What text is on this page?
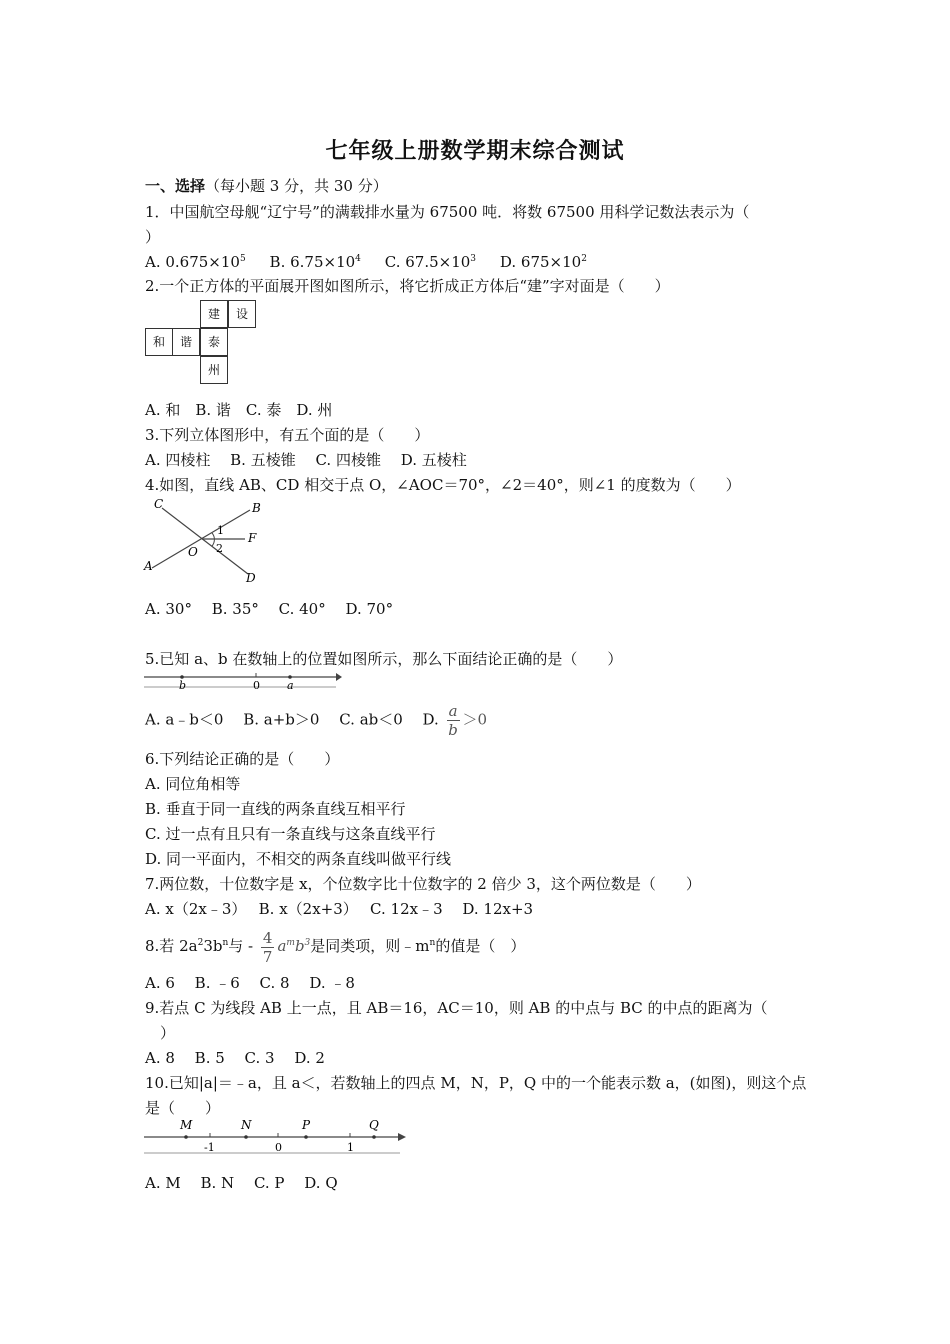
七年级上册数学期末综合测试
一、选择（每小题 3 分，共 30 分）
1．中国航空母舰“辽宁号”的满载排水量为 67500 吨．将数 67500 用科学记数法表示为（
）
A. $0.675\times 10^5$ B. $6.75\times 10^4$ C. $67.5\times 10^3$ D. $675\times 10^2$
2.一个正方体的平面展开图如图所示，将它折成正方体后“建”字对面是（　　）
建	设
和	谐	泰
州
A. 和　B. 谐　C. 泰　D. 州
3.下列立体图形中，有五个面的是（　　）
A. 四棱柱　 B. 五棱锥　 C. 四棱锥　 D. 五棱柱
4.如图，直线 AB、CD 相交于点 O，∠AOC＝70°，∠2＝40°，则∠1 的度数为（　　）
A
B
C
D
O
F
1
2
A. 30°　 B. 35°　 C. 40°　 D. 70°
5.已知 a、b 在数轴上的位置如图所示，那么下面结论正确的是（　　）
b	0 a
A. a﹣b＜0　 B. a+b＞0　 C. ab＜0　 D. $\frac{a}{b} >0$
6.下列结论正确的是（　　）
A. 同位角相等
B. 垂直于同一直线的两条直线互相平行
C. 过一点有且只有一条直线与这条直线平行
D. 同一平面内，不相交的两条直线叫做平行线
7.两位数，十位数字是 x，个位数字比十位数字的 2 倍少 3，这个两位数是（　　）
A. x（2x﹣3）　 B. x（2x+3）　 C. 12x﹣3　 D. 12x+3
8.若 $2a^23b^n$与 - $\frac{4}{7} a^mb^3$是同类项，则$﹣m^n$的值是（　）
A. 6　 B. ﹣6　 C. 8　 D. ﹣8
9.若点 C 为线段 AB 上一点，且 AB＝16，AC＝10，则 AB 的中点与 BC 的中点的距离为（
　）
A. 8　 B. 5　 C. 3　 D. 2
10.已知|a|＝﹣a，且 a＜，若数轴上的四点 M，N，P，Q 中的一个能表示数 a，(如图)，则这个点
是（　　）
M	N	P	Q
-1	0	1
A. M　 B. N　 C. P　 D. Q
